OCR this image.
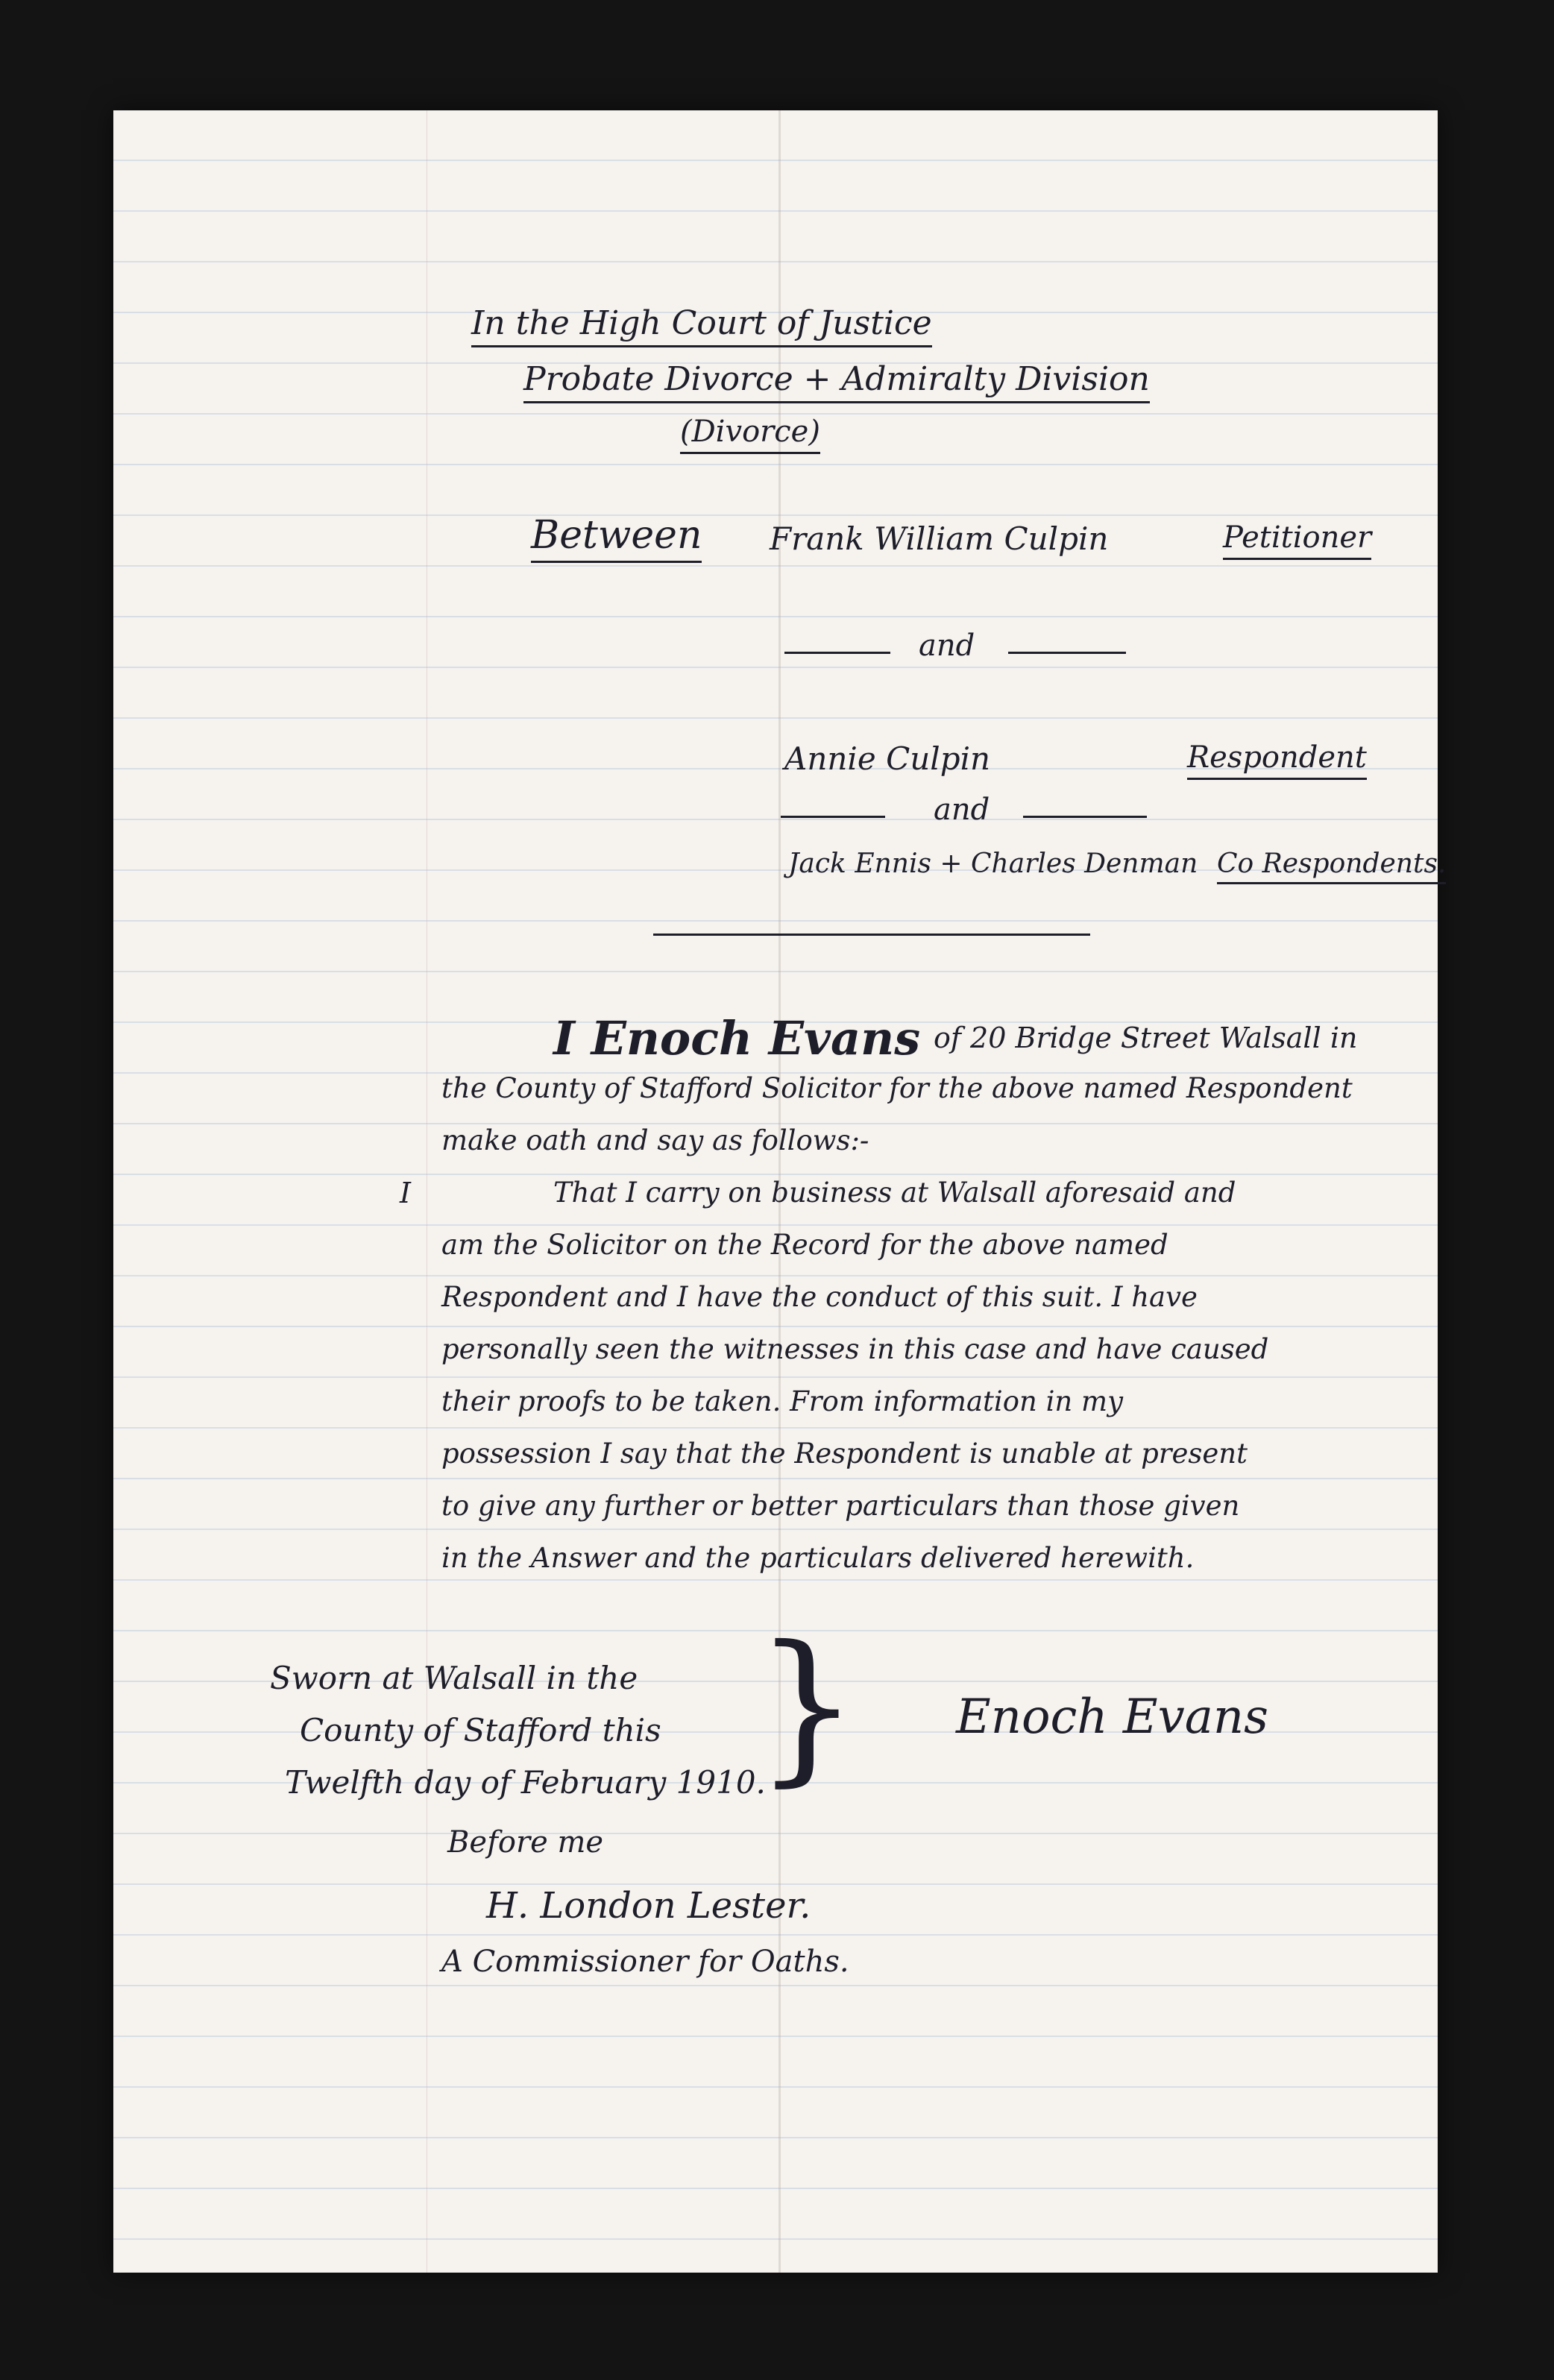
In the High Court of Justice
Probate Divorce + Admiralty Division
(Divorce)
Between Frank William Culpin	Petitioner
and
Annie Culpin	Respondent
and
Jack Ennis + Charles Denman Co Respondents.
I Enoch Evans of 20 Bridge Street Walsall in
the County of Stafford Solicitor for the above named Respondent
make oath and say as follows:-
I	That I carry on business at Walsall aforesaid and
am the Solicitor on the Record for the above named
Respondent and I have the conduct of this suit. I have
personally seen the witnesses in this case and have caused
their proofs to be taken. From information in my
possession I say that the Respondent is unable at present
to give any further or better particulars than those given
in the Answer and the particulars delivered herewith.
Sworn at Walsall in the
County of Stafford this
Twelfth day of February 1910.
}
Before me
H. London Lester.
A Commissioner for Oaths.
Enoch Evans
